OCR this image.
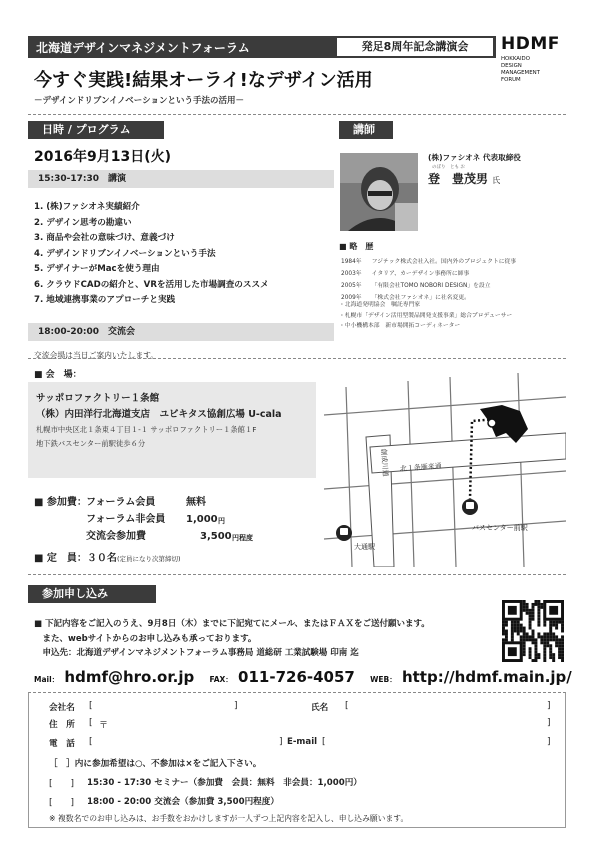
北海道デザインマネジメントフォーラム	発足8周年記念講演会	HDMF
HOKKAIDO
DESIGN
MANAGEMENT
FORUM
今すぐ実践!結果オーライ!なデザイン活用
－デザインドリブンイノベーションという手法の活用－
日時 / プログラム
2016年9月13日(火)
15:30-17:30　講演
1. (株)ファシオネ実績紹介
2. デザイン思考の勘違い
3. 商品や会社の意味づけ、意義づけ
4. デザインドリブンイノベーションという手法
5. デザイナーがMacを使う理由
6. クラウドCADの紹介と、VRを活用した市場調査のススメ
7. 地域連携事業のアプローチと実践
18:00-20:00　交流会
交流会場は当日ご案内いたします。
講師
のぼり　とも お
(株)ファシオネ 代表取締役
登　豊茂男 氏
■ 略　歴
1984年	フジテック株式会社入社。国内外のプロジェクトに従事
2003年	イタリア、カーデザイン事務所に師事
2005年	「有限会社TOMO NOBORI DESIGN」を設立
2009年	「株式会社ファシオネ」に社名変更。
・北海道発明協会　嘱託専門家
・札幌市「デザイン活用型製品開発支援事業」総合プロデューサー
・中小機構本部　新市場開拓コーディネーター
■ 会　場：
サッポロファクトリー１条館
（株）内田洋行北海道支店　ユビキタス協創広場 U-cala
札幌市中央区北１条東４丁目１-１ サッポロファクトリー１条館１F
地下鉄バスセンター前駅徒歩６分
創成川通 北１条雁来通
大通駅
バスセンター前駅
■ 参加費： フォーラム会員	無料
フォーラム非会員 1,000 円
交流会参加費	3,500 円程度
■ 定　員：３０名(定員になり次第締切)
参加申し込み
■ 下記内容をご記入のうえ、9月8日（木）までに下記宛てにメール、またはＦＡＸをご送付願います。
　また、webサイトからのお申し込みも承っております。
　申込先：北海道デザインマネジメントフォーラム事務局 道総研 工業試験場 印南 迄
Mail： hdmf@hro.or.jp FAX： 011-726-4057 WEB： http://hdmf.main.jp/
会社名 [	]	氏名 [	]
住　所 [ 〒	]
電　話 [	] E-mail [	]
［　］内に参加希望は○、不参加は×をご記入下さい。
[　　] 15:30 - 17:30 セミナー（参加費　会員：無料　非会員：1,000円）
[　　] 18:00 - 20:00 交流会（参加費 3,500円程度）
※ 複数名でのお申し込みは、お手数をおかけしますが一人ずつ上記内容を記入し、申し込み願います。
